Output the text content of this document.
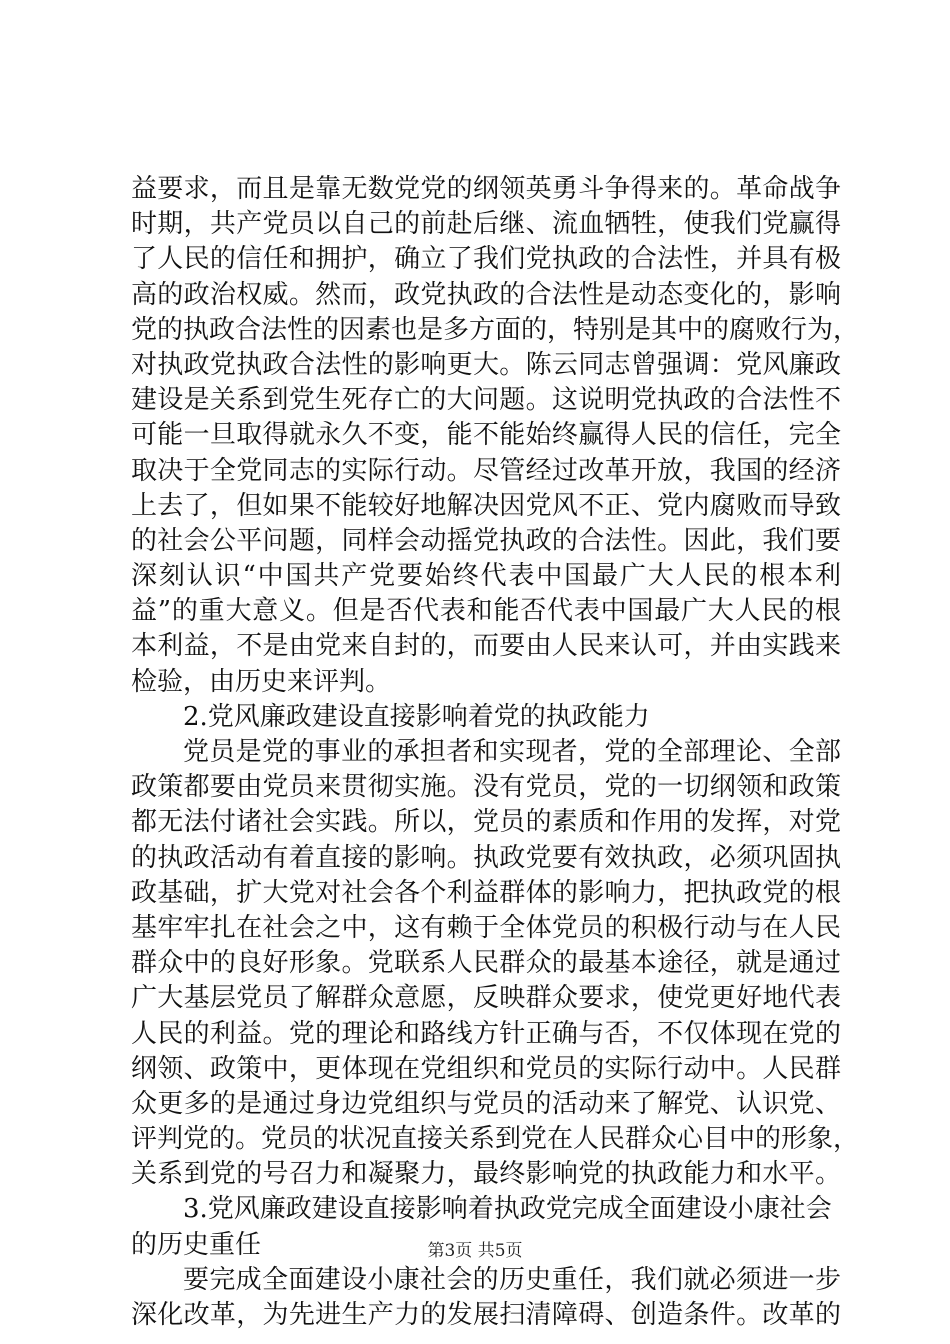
益要求，而且是靠无数党党的纲领英勇斗争得来的。革命战争
时期，共产党员以自己的前赴后继、流血牺牲，使我们党赢得
了人民的信任和拥护，确立了我们党执政的合法性，并具有极
高的政治权威。然而，政党执政的合法性是动态变化的，影响
党的执政合法性的因素也是多方面的，特别是其中的腐败行为，
对执政党执政合法性的影响更大。陈云同志曾强调：党风廉政
建设是关系到党生死存亡的大问题。这说明党执政的合法性不
可能一旦取得就永久不变，能不能始终赢得人民的信任，完全
取决于全党同志的实际行动。尽管经过改革开放，我国的经济
上去了，但如果不能较好地解决因党风不正、党内腐败而导致
的社会公平问题，同样会动摇党执政的合法性。因此，我们要
深刻认识“中国共产党要始终代表中国最广大人民的根本利
益”的重大意义。但是否代表和能否代表中国最广大人民的根
本利益，不是由党来自封的，而要由人民来认可，并由实践来
检验，由历史来评判。
2.党风廉政建设直接影响着党的执政能力
党员是党的事业的承担者和实现者，党的全部理论、全部
政策都要由党员来贯彻实施。没有党员，党的一切纲领和政策
都无法付诸社会实践。所以，党员的素质和作用的发挥，对党
的执政活动有着直接的影响。执政党要有效执政，必须巩固执
政基础，扩大党对社会各个利益群体的影响力，把执政党的根
基牢牢扎在社会之中，这有赖于全体党员的积极行动与在人民
群众中的良好形象。党联系人民群众的最基本途径，就是通过
广大基层党员了解群众意愿，反映群众要求，使党更好地代表
人民的利益。党的理论和路线方针正确与否，不仅体现在党的
纲领、政策中，更体现在党组织和党员的实际行动中。人民群
众更多的是通过身边党组织与党员的活动来了解党、认识党、
评判党的。党员的状况直接关系到党在人民群众心目中的形象，
关系到党的号召力和凝聚力，最终影响党的执政能力和水平。
3.党风廉政建设直接影响着执政党完成全面建设小康社会
的历史重任
要完成全面建设小康社会的历史重任，我们就必须进一步
深化改革，为先进生产力的发展扫清障碍、创造条件。改革的
第3页 共5页
